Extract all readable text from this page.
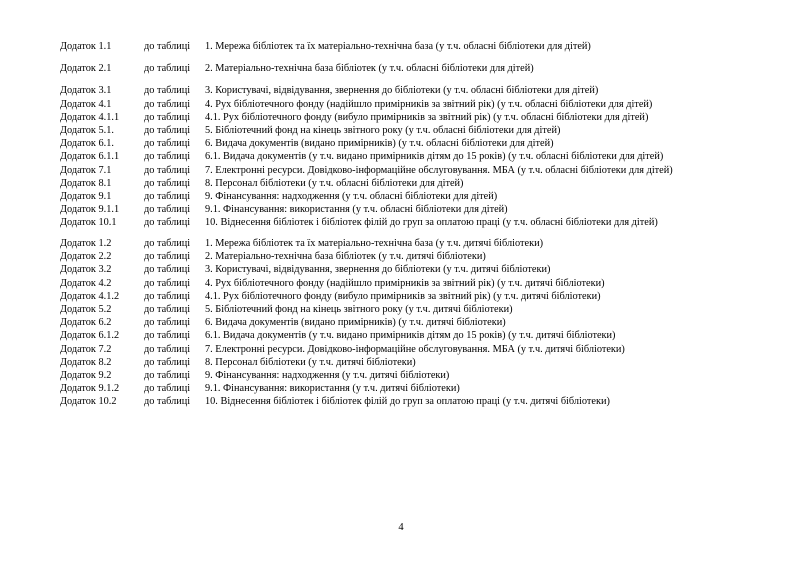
Додаток 1.1	до таблиці 1. Мережа бібліотек та їх матеріально-технічна база (у т.ч. обласні бібліотеки для дітей)
Додаток 2.1	до таблиці 2. Матеріально-технічна база бібліотек (у т.ч. обласні бібліотеки для дітей)
Додаток 3.1	до таблиці 3. Користувачі, відвідування, звернення до бібліотеки (у т.ч. обласні бібліотеки для дітей)
Додаток 4.1	до таблиці 4. Рух бібліотечного фонду (надійшло примірників за звітний рік) (у т.ч. обласні бібліотеки для дітей)
Додаток 4.1.1 до таблиці 4.1. Рух бібліотечного фонду (вибуло примірників за звітний рік) (у т.ч. обласні бібліотеки для дітей)
Додаток 5.1.	до таблиці 5. Бібліотечний фонд на кінець звітного року (у т.ч. обласні бібліотеки для дітей)
Додаток 6.1.	до таблиці 6. Видача документів (видано примірників) (у т.ч. обласні бібліотеки для дітей)
Додаток 6.1.1 до таблиці 6.1. Видача документів (у т.ч. видано примірників дітям до 15 років) (у т.ч. обласні бібліотеки для дітей)
Додаток 7.1	до таблиці 7. Електронні ресурси. Довідково-інформаційне обслуговування. МБА (у т.ч. обласні бібліотеки для дітей)
Додаток 8.1	до таблиці 8. Персонал бібліотеки (у т.ч. обласні бібліотеки для дітей)
Додаток 9.1	до таблиці 9. Фінансування: надходження (у т.ч. обласні бібліотеки для дітей)
Додаток 9.1.1 до таблиці 9.1. Фінансування: використання (у т.ч. обласні бібліотеки для дітей)
Додаток 10.1	до таблиці 10. Віднесення бібліотек і бібліотек філій до груп за оплатою праці (у т.ч. обласні бібліотеки для дітей)
Додаток 1.2	до таблиці 1. Мережа бібліотек та їх матеріально-технічна база (у т.ч. дитячі бібліотеки)
Додаток 2.2	до таблиці 2. Матеріально-технічна база бібліотек (у т.ч. дитячі бібліотеки)
Додаток 3.2	до таблиці 3. Користувачі, відвідування, звернення до бібліотеки (у т.ч. дитячі бібліотеки)
Додаток 4.2	до таблиці 4. Рух бібліотечного фонду (надійшло примірників за звітний рік) (у т.ч. дитячі бібліотеки)
Додаток 4.1.2 до таблиці 4.1. Рух бібліотечного фонду (вибуло примірників за звітний рік) (у т.ч. дитячі бібліотеки)
Додаток 5.2	до таблиці 5. Бібліотечний фонд на кінець звітного року (у т.ч. дитячі бібліотеки)
Додаток 6.2	до таблиці 6. Видача документів (видано примірників) (у т.ч. дитячі бібліотеки)
Додаток 6.1.2 до таблиці 6.1. Видача документів (у т.ч. видано примірників дітям до 15 років) (у т.ч. дитячі бібліотеки)
Додаток 7.2	до таблиці 7. Електронні ресурси. Довідково-інформаційне обслуговування. МБА (у т.ч. дитячі бібліотеки)
Додаток 8.2	до таблиці 8. Персонал бібліотеки (у т.ч. дитячі бібліотеки)
Додаток 9.2	до таблиці 9. Фінансування: надходження (у т.ч. дитячі бібліотеки)
Додаток 9.1.2 до таблиці 9.1. Фінансування: використання (у т.ч. дитячі бібліотеки)
Додаток 10.2	до таблиці 10. Віднесення бібліотек і бібліотек філій до груп за оплатою праці (у т.ч. дитячі бібліотеки)
4
